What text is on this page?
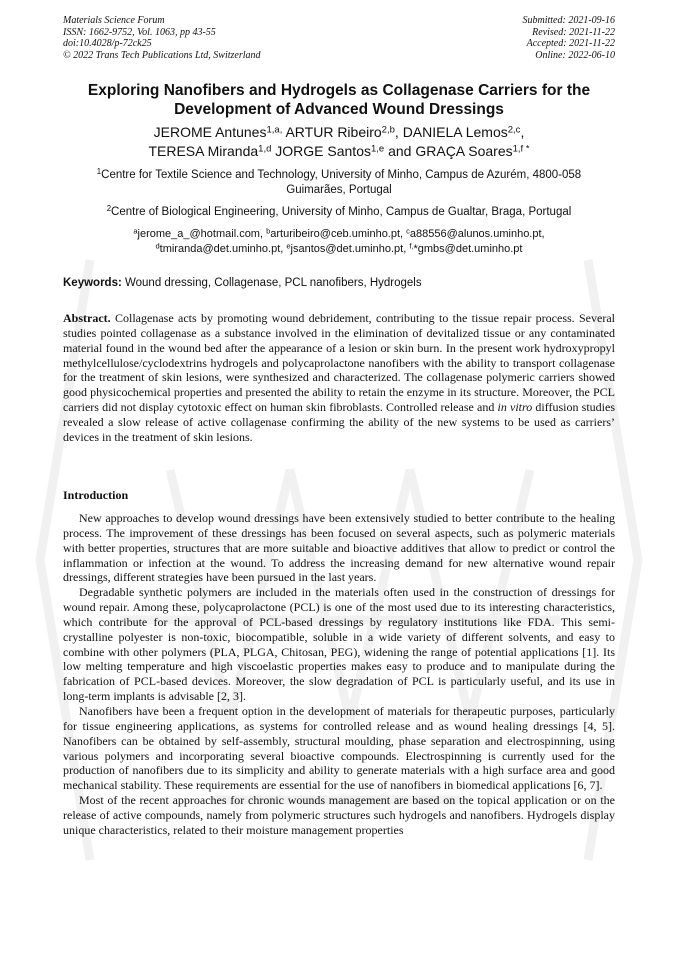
Materials Science Forum
ISSN: 1662-9752, Vol. 1063, pp 43-55
doi:10.4028/p-72ck25
© 2022 Trans Tech Publications Ltd, Switzerland
Submitted: 2021-09-16
Revised: 2021-11-22
Accepted: 2021-11-22
Online: 2022-06-10
Exploring Nanofibers and Hydrogels as Collagenase Carriers for the
Development of Advanced Wound Dressings
JEROME Antunes$^{1,a,}$ ARTUR Ribeiro$^{2,b}$, DANIELA Lemos$^{2,c}$,
TERESA Miranda$^{1,d}$ JORGE Santos$^{1,e}$ and GRAÇA Soares$^{1,f *}$
$^1$Centre for Textile Science and Technology, University of Minho, Campus de Azurém, 4800-058
Guimarães, Portugal
$^2$Centre of Biological Engineering, University of Minho, Campus de Gualtar, Braga, Portugal
$^a$jerome_a_@hotmail.com, $^b$arturibeiro@ceb.uminho.pt, $^c$a88556@alunos.uminho.pt,
$^d$tmiranda@det.uminho.pt, $^e$jsantos@det.uminho.pt, $^{f,}$*gmbs@det.uminho.pt
Keywords: Wound dressing, Collagenase, PCL nanofibers, Hydrogels
Abstract. Collagenase acts by promoting wound debridement, contributing to the tissue repair process. Several studies pointed collagenase as a substance involved in the elimination of devitalized tissue or any contaminated material found in the wound bed after the appearance of a lesion or skin burn. In the present work hydroxypropyl methylcellulose/cyclodextrins hydrogels and polycaprolactone nanofibers with the ability to transport collagenase for the treatment of skin lesions, were synthesized and characterized. The collagenase polymeric carriers showed good physicochemical properties and presented the ability to retain the enzyme in its structure. Moreover, the PCL carriers did not display cytotoxic effect on human skin fibroblasts. Controlled release and in vitro diffusion studies revealed a slow release of active collagenase confirming the ability of the new systems to be used as carriers’ devices in the treatment of skin lesions.
Introduction

New approaches to develop wound dressings have been extensively studied to better contribute to the healing process. The improvement of these dressings has been focused on several aspects, such as polymeric materials with better properties, structures that are more suitable and bioactive additives that allow to predict or control the inflammation or infection at the wound. To address the increasing demand for new alternative wound repair dressings, different strategies have been pursued in the last years.

Degradable synthetic polymers are included in the materials often used in the construction of dressings for wound repair. Among these, polycaprolactone (PCL) is one of the most used due to its interesting characteristics, which contribute for the approval of PCL-based dressings by regulatory institutions like FDA. This semi-crystalline polyester is non-toxic, biocompatible, soluble in a wide variety of different solvents, and easy to combine with other polymers (PLA, PLGA, Chitosan, PEG), widening the range of potential applications [1]. Its low melting temperature and high viscoelastic properties makes easy to produce and to manipulate during the fabrication of PCL-based devices. Moreover, the slow degradation of PCL is particularly useful, and its use in long-term implants is advisable [2, 3].

Nanofibers have been a frequent option in the development of materials for therapeutic purposes, particularly for tissue engineering applications, as systems for controlled release and as wound healing dressings [4, 5]. Nanofibers can be obtained by self-assembly, structural moulding, phase separation and electrospinning, using various polymers and incorporating several bioactive compounds. Electrospinning is currently used for the production of nanofibers due to its simplicity and ability to generate materials with a high surface area and good mechanical stability. These requirements are essential for the use of nanofibers in biomedical applications [6, 7].

Most of the recent approaches for chronic wounds management are based on the topical application or on the release of active compounds, namely from polymeric structures such hydrogels and nanofibers. Hydrogels display unique characteristics, related to their moisture management properties
